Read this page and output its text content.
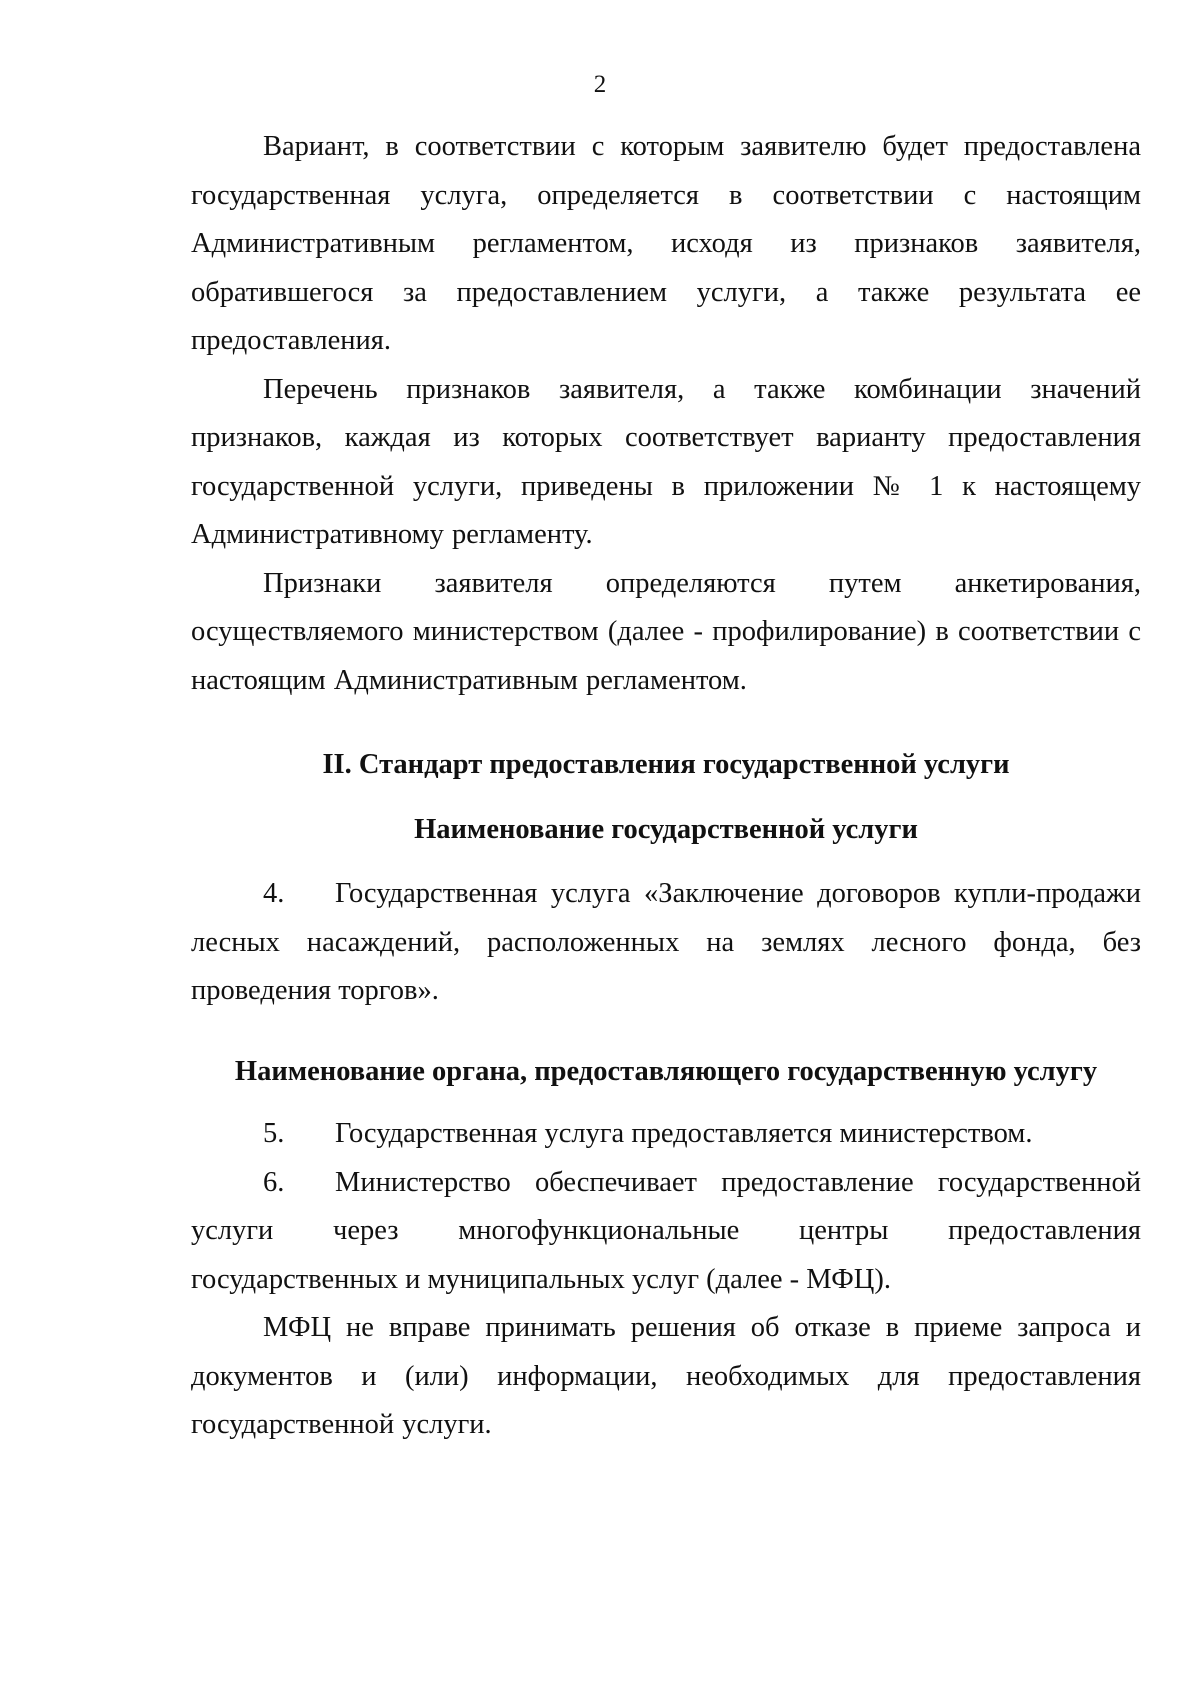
2

Вариант, в соответствии с которым заявителю будет предоставлена государственная услуга, определяется в соответствии с настоящим Административным регламентом, исходя из признаков заявителя, обратившегося за предоставлением услуги, а также результата ее предоставления.

Перечень признаков заявителя, а также комбинации значений признаков, каждая из которых соответствует варианту предоставления государственной услуги, приведены в приложении № 1 к настоящему Административному регламенту.

Признаки заявителя определяются путем анкетирования, осуществляемого министерством (далее - профилирование) в соответствии с настоящим Административным регламентом.

II. Стандарт предоставления государственной услуги

Наименование государственной услуги

4. Государственная услуга «Заключение договоров купли-продажи лесных насаждений, расположенных на землях лесного фонда, без проведения торгов».

Наименование органа, предоставляющего государственную услугу

5. Государственная услуга предоставляется министерством.

6. Министерство обеспечивает предоставление государственной услуги через многофункциональные центры предоставления государственных и муниципальных услуг (далее - МФЦ).

МФЦ не вправе принимать решения об отказе в приеме запроса и документов и (или) информации, необходимых для предоставления государственной услуги.
